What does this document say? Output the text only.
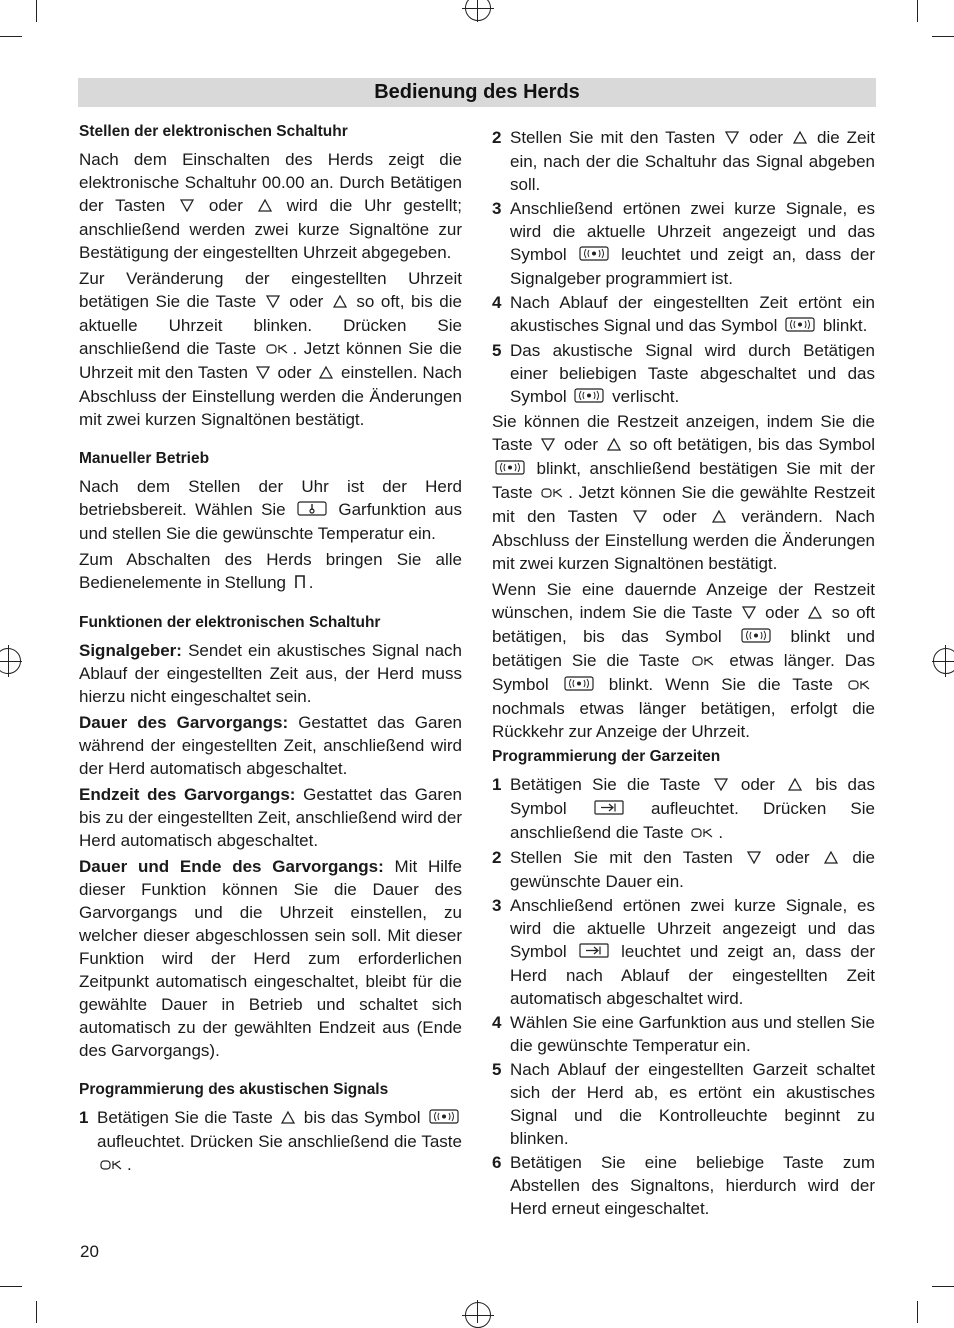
Bedienung des Herds
Stellen der elektronischen Schaltuhr

Nach dem Einschalten des Herds zeigt die elektronische Schaltuhr 00.00 an. Durch Betätigen der Tasten	oder	wird die Uhr gestellt; anschließend werden zwei kurze Signaltöne zur Bestätigung der eingestellten Uhrzeit abgegeben.

Zur Veränderung der eingestellten Uhrzeit betätigen Sie die Taste oder so oft, bis die aktuelle Uhrzeit blinken. Drücken Sie anschließend die Taste . Jetzt können Sie die Uhrzeit mit den Tasten oder einstellen. Nach Abschluss der Einstellung werden die Änderungen mit zwei kurzen Signaltönen bestätigt.

Manueller Betrieb

Nach dem Stellen der Uhr ist der Herd betriebsbereit. Wählen Sie	Garfunktion aus und stellen Sie die gewünschte Temperatur ein.

Zum Abschalten des Herds bringen Sie alle Bedienelemente in Stellung .

Funktionen der elektronischen Schaltuhr

Signalgeber: Sendet ein akustisches Signal nach Ablauf der eingestellten Zeit aus, der Herd muss hierzu nicht eingeschaltet sein.

Dauer des Garvorgangs: Gestattet das Garen während der eingestellten Zeit, anschließend wird der Herd automatisch abgeschaltet.

Endzeit des Garvorgangs: Gestattet das Garen bis zu der eingestellten Zeit, anschließend wird der Herd automatisch abgeschaltet.

Dauer und Ende des Garvorgangs: Mit Hilfe dieser Funktion können Sie die Dauer des Garvorgangs und die Uhrzeit einstellen, zu welcher dieser abgeschlossen sein soll. Mit dieser Funktion wird der Herd zum erforderlichen Zeitpunkt automatisch eingeschaltet, bleibt für die gewählte Dauer in Betrieb und schaltet sich automatisch zu der gewählten Endzeit aus (Ende des Garvorgangs).

Programmierung des akustischen Signals
1 Betätigen Sie die Taste bis das Symbol  aufleuchtet. Drücken Sie anschließend die Taste .
2 Stellen Sie mit den Tasten oder die Zeit ein, nach der die Schaltuhr das Signal abgeben soll.
3 Anschließend ertönen zwei kurze Signale, es wird die aktuelle Uhrzeit angezeigt und das Symbol	leuchtet und zeigt an, dass der Signalgeber programmiert ist.
4 Nach Ablauf der eingestellten Zeit ertönt ein akustisches Signal und das Symbol	blinkt.
5 Das akustische Signal wird durch Betätigen einer beliebigen Taste abgeschaltet und das Symbol	verlischt.

Sie können die Restzeit anzeigen, indem Sie die Taste oder so oft betätigen, bis das Symbol  blinkt, anschließend bestätigen Sie mit der Taste . Jetzt können Sie die gewählte Restzeit mit den Tasten	oder	verändern. Nach Abschluss der Einstellung werden die Änderungen mit zwei kurzen Signaltönen bestätigt.

Wenn Sie eine dauernde Anzeige der Restzeit wünschen, indem Sie die Taste oder so oft betätigen, bis das Symbol	blinkt und betätigen Sie die Taste	etwas länger. Das Symbol	blinkt. Wenn Sie die Taste  nochmals etwas länger betätigen, erfolgt die Rückkehr zur Anzeige der Uhrzeit.

Programmierung der Garzeiten
1 Betätigen Sie die Taste oder bis das Symbol	aufleuchtet. Drücken Sie anschließend die Taste .
2 Stellen Sie mit den Tasten	oder	die gewünschte Dauer ein.
3 Anschließend ertönen zwei kurze Signale, es wird die aktuelle Uhrzeit angezeigt und das Symbol	leuchtet und zeigt an, dass der Herd nach Ablauf der eingestellten Zeit automatisch abgeschaltet wird.
4 Wählen Sie eine Garfunktion aus und stellen Sie die gewünschte Temperatur ein.
5 Nach Ablauf der eingestellten Garzeit schaltet sich der Herd ab, es ertönt ein akustisches Signal und die Kontrolleuchte beginnt zu blinken.
6 Betätigen Sie eine beliebige Taste zum Abstellen des Signaltons, hierdurch wird der Herd erneut eingeschaltet.
20
